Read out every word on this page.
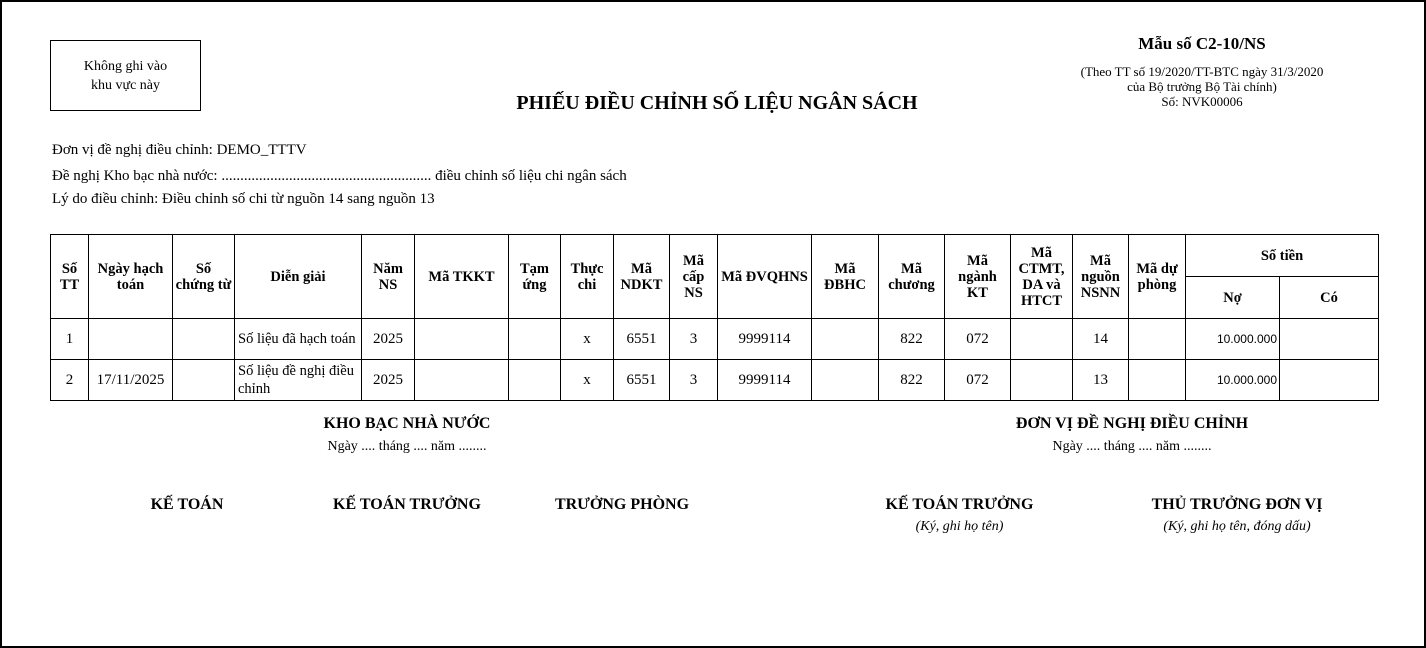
Không ghi vào
khu vực này
Mẫu số C2-10/NS
(Theo TT số 19/2020/TT-BTC ngày 31/3/2020
của Bộ trưởng Bộ Tài chính)
Số: NVK00006
PHIẾU ĐIỀU CHỈNH SỐ LIỆU NGÂN SÁCH
Đơn vị đề nghị điều chỉnh: DEMO_TTTV
Đề nghị Kho bạc nhà nước: ........................................................ điều chỉnh số liệu chi ngân sách
Lý do điều chỉnh: Điều chỉnh số chi từ nguồn 14 sang nguồn 13
Số TT	Ngày hạch toán	Số chứng từ	Diễn giải	Năm NS	Mã TKKT	Tạm ứng	Thực chi	Mã NDKT	Mã cấp NS	Mã ĐVQHNS	Mã ĐBHC	Mã chương	Mã ngành KT	Mã CTMT, DA và HTCT	Mã nguồn NSNN	Mã dự phòng	Số tiền	
																	Nợ	Có
1			Số liệu đã hạch toán	2025			x	6551	3	9999114		822	072		14		10.000.000	
2	17/11/2025		Số liệu đề nghị điều chỉnh	2025			x	6551	3	9999114		822	072		13		10.000.000	
KHO BẠC NHÀ NƯỚC
Ngày .... tháng .... năm ........
ĐƠN VỊ ĐỀ NGHỊ ĐIỀU CHỈNH
Ngày .... tháng .... năm ........
KẾ TOÁN	KẾ TOÁN TRƯỞNG	TRƯỞNG PHÒNG	KẾ TOÁN TRƯỞNG
(Ký, ghi họ tên)
THỦ TRƯỞNG ĐƠN VỊ
(Ký, ghi họ tên, đóng dấu)
